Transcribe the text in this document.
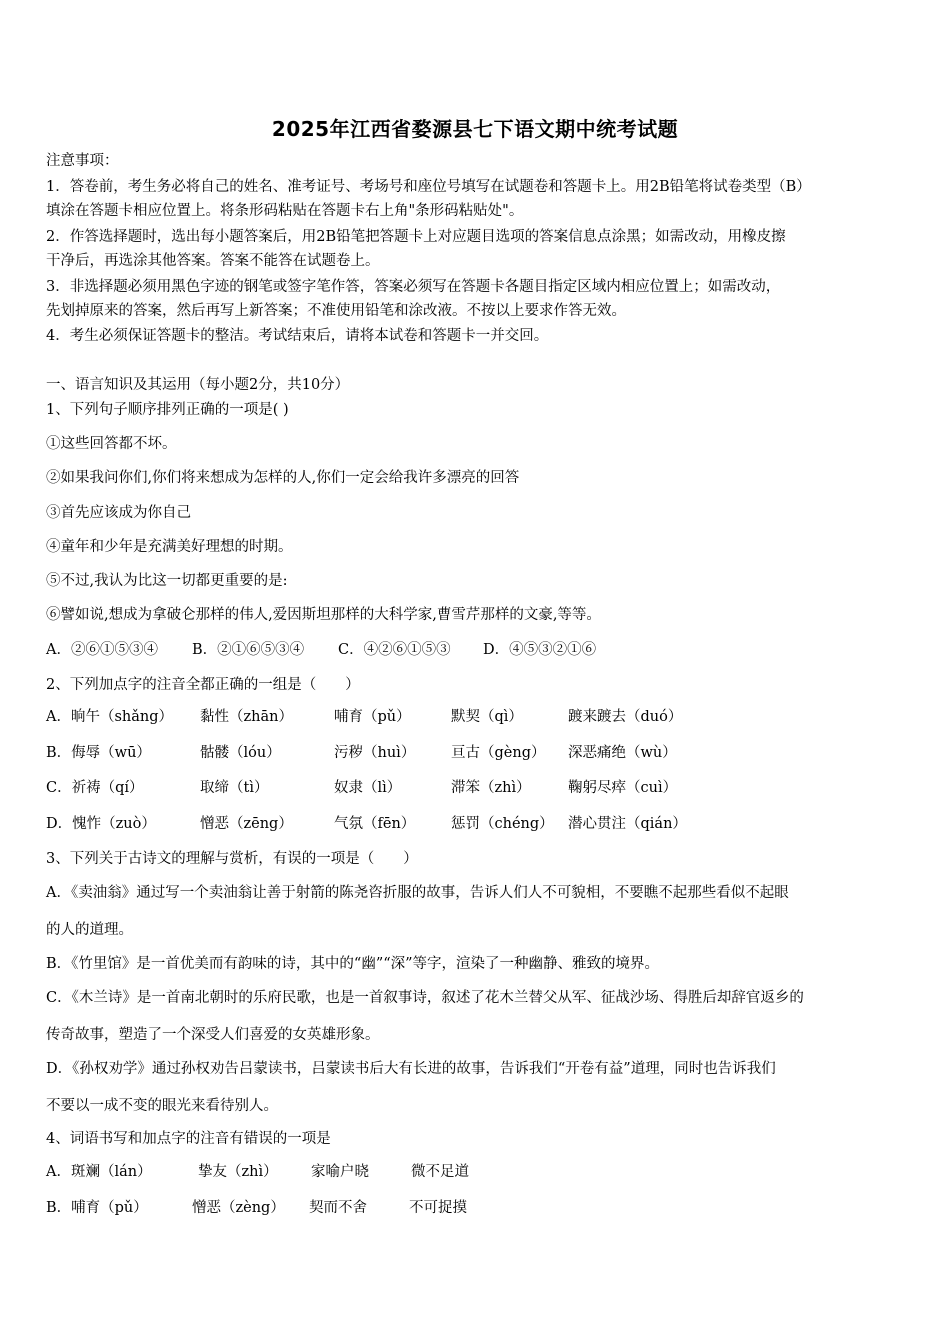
2025年江西省婺源县七下语文期中统考试题
注意事项：
1．答卷前，考生务必将自己的姓名、准考证号、考场号和座位号填写在试题卷和答题卡上。用2B铅笔将试卷类型（B）
填涂在答题卡相应位置上。将条形码粘贴在答题卡右上角"条形码粘贴处"。
2．作答选择题时，选出每小题答案后，用2B铅笔把答题卡上对应题目选项的答案信息点涂黑；如需改动，用橡皮擦
干净后，再选涂其他答案。答案不能答在试题卷上。
3．非选择题必须用黑色字迹的钢笔或签字笔作答，答案必须写在答题卡各题目指定区域内相应位置上；如需改动，
先划掉原来的答案，然后再写上新答案；不准使用铅笔和涂改液。不按以上要求作答无效。
4．考生必须保证答题卡的整洁。考试结束后，请将本试卷和答题卡一并交回。
一、语言知识及其运用（每小题2分，共10分）
1、下列句子顺序排列正确的一项是( )
①这些回答都不坏。
②如果我问你们,你们将来想成为怎样的人,你们一定会给我许多漂亮的回答
③首先应该成为你自己
④童年和少年是充满美好理想的时期。
⑤不过,我认为比这一切都更重要的是:
⑥譬如说,想成为拿破仑那样的伟人,爱因斯坦那样的大科学家,曹雪芹那样的文豪,等等。
A．②⑥①⑤③④ B．②①⑥⑤③④ C．④②⑥①⑤③ D．④⑤③②①⑥
2、下列加点字的注音全都正确的一组是（　　）
A．晌午（shǎng） 黏性（zhān）	哺育（pǔ）	默契（qì）	踱来踱去（duó）
B．侮辱（wū）	骷髅（lóu）	污秽（huì） 亘古（gèng） 深恶痛绝（wù）
C．祈祷（qí）	取缔（tì）	奴隶（lì）	滞笨（zhì）	鞠躬尽瘁（cuì）
D．愧怍（zuò）	憎恶（zēng）	气氛（fēn） 惩罚（chéng） 潜心贯注（qián）
3、下列关于古诗文的理解与赏析，有误的一项是（　　）
A．《卖油翁》通过写一个卖油翁让善于射箭的陈尧咨折服的故事，告诉人们人不可貌相，不要瞧不起那些看似不起眼
的人的道理。
B．《竹里馆》是一首优美而有韵味的诗，其中的“幽”“深”等字，渲染了一种幽静、雅致的境界。
C．《木兰诗》是一首南北朝时的乐府民歌，也是一首叙事诗，叙述了花木兰替父从军、征战沙场、得胜后却辞官返乡的
传奇故事，塑造了一个深受人们喜爱的女英雄形象。
D．《孙权劝学》通过孙权劝告吕蒙读书，吕蒙读书后大有长进的故事，告诉我们“开卷有益”道理，同时也告诉我们
不要以一成不变的眼光来看待别人。
4、词语书写和加点字的注音有错误的一项是
A．斑斓（lán）	挚友（zhì） 家喻户晓	微不足道
B．哺育（pǔ）	憎恶（zèng） 契而不舍	不可捉摸
